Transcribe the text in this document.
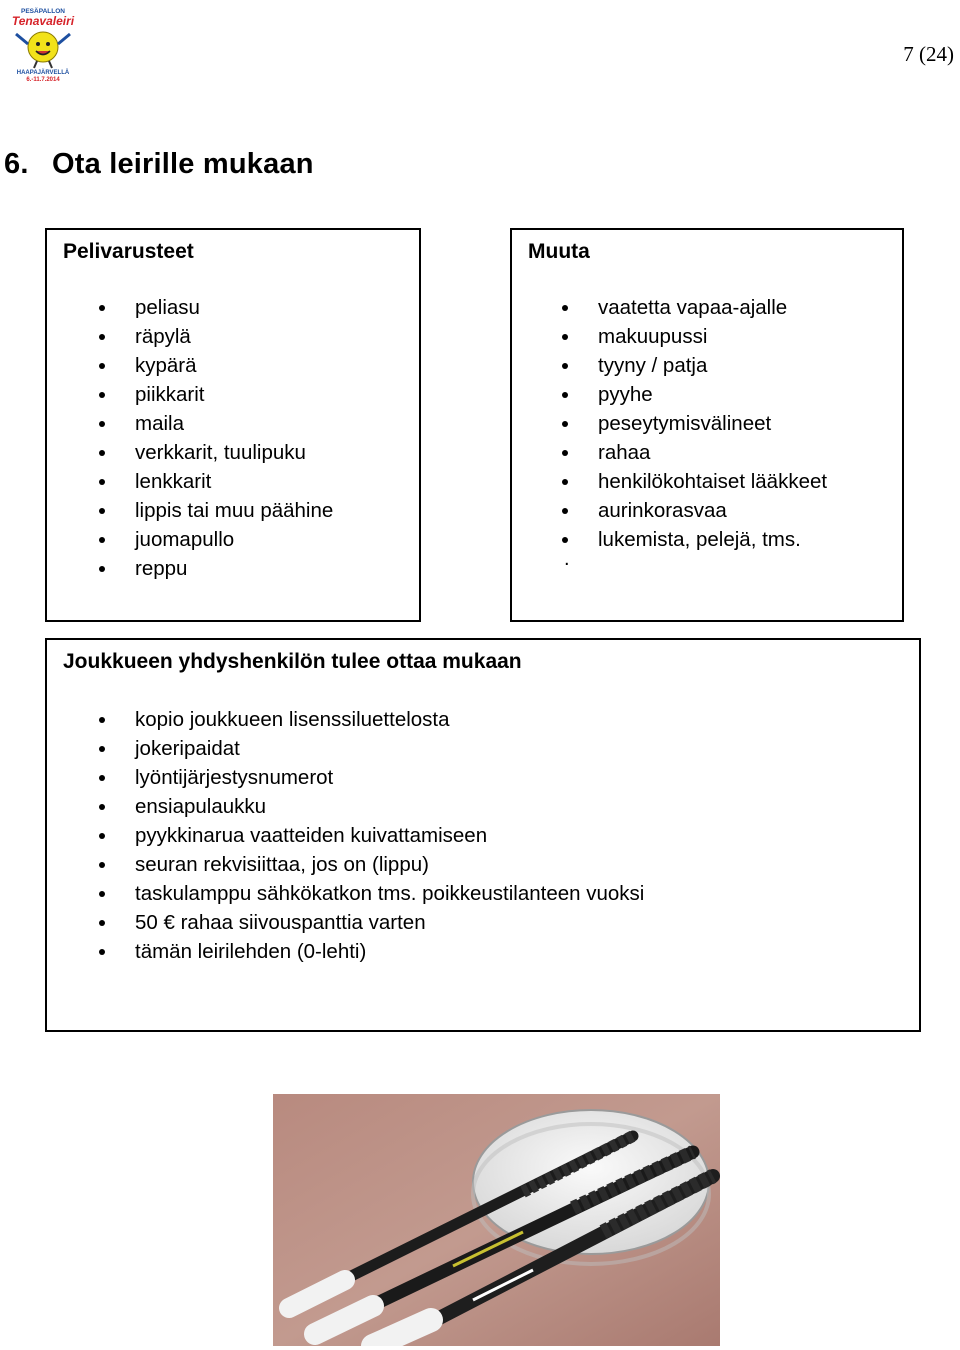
PESÄPALLON
Tenavaleiri
HAAPAJÄRVELLÄ
6.-11.7.2014
7 (24)
6. Ota leirille mukaan
Pelivarusteet
peliasu
räpylä
kypärä
piikkarit
maila
verkkarit, tuulipuku
lenkkarit
lippis tai muu päähine
juomapullo
reppu
Muuta
vaatetta vapaa-ajalle
makuupussi
tyyny / patja
pyyhe
peseytymisvälineet
rahaa
henkilökohtaiset lääkkeet
aurinkorasvaa
lukemista, pelejä, tms.
.
Joukkueen yhdyshenkilön tulee ottaa mukaan
kopio joukkueen lisenssiluettelosta
jokeripaidat
lyöntijärjestysnumerot
ensiapulaukku
pyykkinarua vaatteiden kuivattamiseen
seuran rekvisiittaa, jos on (lippu)
taskulamppu sähkökatkon tms. poikkeustilanteen vuoksi
50 € rahaa siivouspanttia varten
tämän leirilehden (0-lehti)
